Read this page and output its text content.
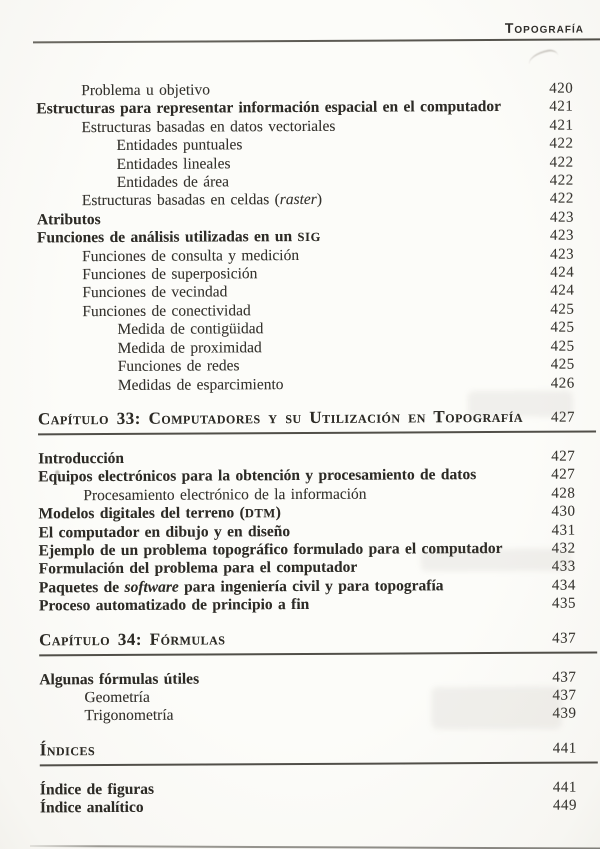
Topografía
Problema u objetivo	420
Estructuras para representar información espacial en el computador	421
Estructuras basadas en datos vectoriales	421
Entidades puntuales	422
Entidades lineales	422
Entidades de área	422
Estructuras basadas en celdas (raster)	422
Atributos	423
Funciones de análisis utilizadas en un SIG	423
Funciones de consulta y medición	423
Funciones de superposición	424
Funciones de vecindad	424
Funciones de conectividad	425
Medida de contigüidad	425
Medida de proximidad	425
Funciones de redes	425
Medidas de esparcimiento	426
Capítulo 33: Computadores y su Utilización en Topografía	427
Introducción	427
Equipos electrónicos para la obtención y procesamiento de datos	427
Procesamiento electrónico de la información	428
Modelos digitales del terreno (DTM)	430
El computador en dibujo y en diseño	431
Ejemplo de un problema topográfico formulado para el computador	432
Formulación del problema para el computador	433
Paquetes de software para ingeniería civil y para topografía	434
Proceso automatizado de principio a fin	435
Capítulo 34: Fórmulas	437
Algunas fórmulas útiles	437
Geometría	437
Trigonometría	439
Índices	441
Índice de figuras	441
Índice analítico	449
